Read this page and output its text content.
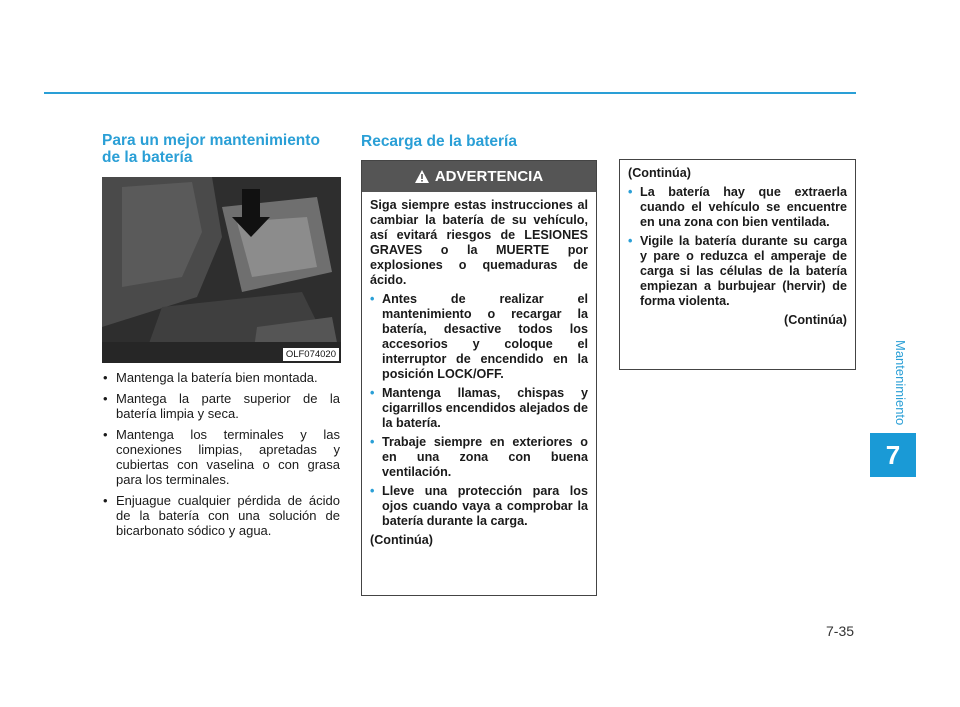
Para un mejor mantenimiento de la batería
OLF074020
• Mantenga la batería bien montada.
• Mantega la parte superior de la batería limpia y seca.
• Mantenga los terminales y las conexiones limpias, apretadas y cubiertas con vaselina o con grasa para los terminales.
• Enjuague cualquier pérdida de ácido de la batería con una solución de bicarbonato sódico y agua.
Recarga de la batería
ADVERTENCIA

Siga siempre estas instrucciones al cambiar la batería de su vehículo, así evitará riesgos de LESIONES GRAVES o la MUERTE por explosiones o quemaduras de ácido.

• Antes de realizar el mantenimiento o recargar la batería, desactive todos los accesorios y coloque el interruptor de encendido en la posición LOCK/OFF.
• Mantenga llamas, chispas y cigarrillos encendidos alejados de la batería.
• Trabaje siempre en exteriores o en una zona con buena ventilación.
• Lleve una protección para los ojos cuando vaya a comprobar la batería durante la carga.

(Continúa)

(Continúa)

• La batería hay que extraerla cuando el vehículo se encuentre en una zona con bien ventilada.
• Vigile la batería durante su carga y pare o reduzca el amperaje de carga si las células de la batería empiezan a burbujear (hervir) de forma violenta.

(Continúa)

Mantenimiento
7
7-35
